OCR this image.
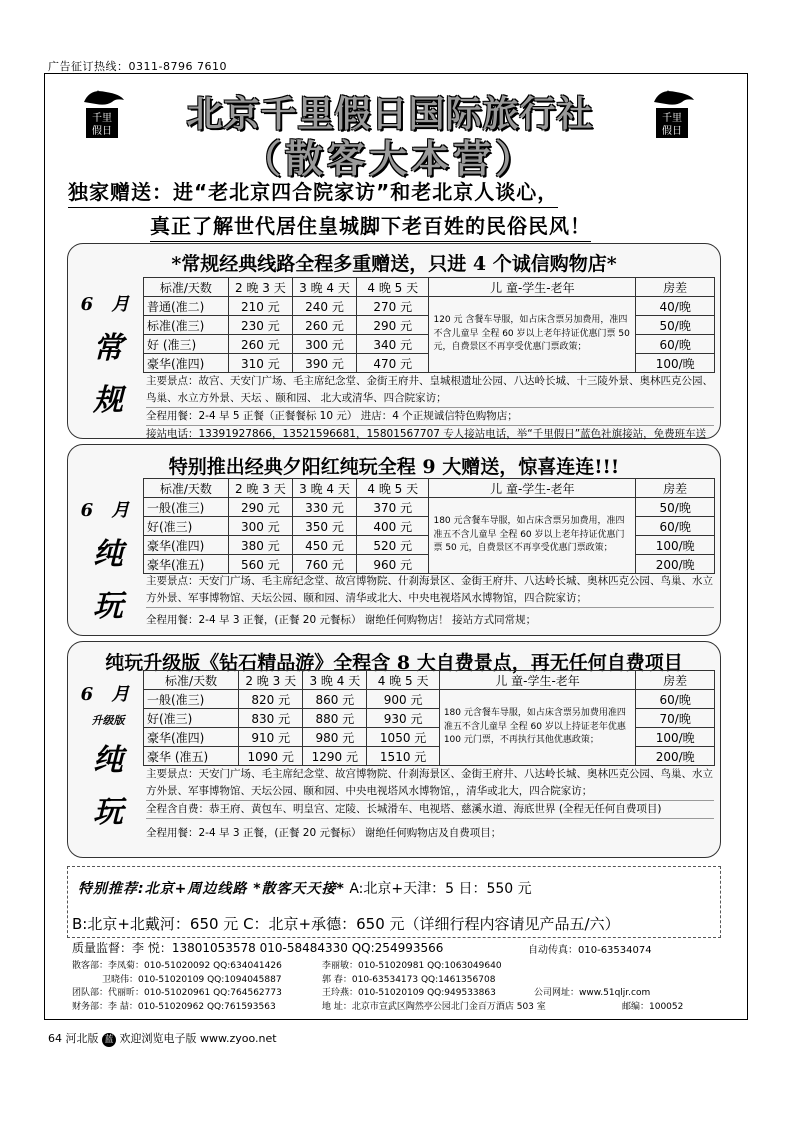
广告征订热线：0311-8796 7610
千里
假日
千里
假日
北京千里假日国际旅行社
（散客大本营）
独家赠送：进“老北京四合院家访”和老北京人谈心，
真正了解世代居住皇城脚下老百姓的民俗民风！
*常规经典线路全程多重赠送，只进 4 个诚信购物店*
6 月
常
规
标准/天数	2 晚 3 天	3 晚 4 天	4 晚 5 天	儿 童-学生-老年	房差
普通(准二)	210 元	240 元	270 元	120 元 含餐车导服，如占床含票另加费用，准四不含儿童早 全程 60 岁以上老年持证优惠门票 50 元，自费景区不再享受优惠门票政策；	40/晚
标准(准三)	230 元	260 元	290 元		50/晚
好 (准三)	260 元	300 元	340 元		60/晚
豪华(准四)	310 元	390 元	470 元		100/晚
主要景点：故宫、天安门广场、毛主席纪念堂、金街王府井、皇城根遗址公园、八达岭长城、十三陵外景、奥林匹克公园、鸟巢、水立方外景、天坛 、颐和园、 北大或清华、四合院家访；
全程用餐：2-4 早 5 正餐（正餐餐标 10 元） 进店：4 个正规诚信特色购物店；
接站电话：13391927866，13521596681，15801567707 专人接站电话，举“千里假日”蓝色社旗接站，免费班车送
特别推出经典夕阳红纯玩全程 9 大赠送，惊喜连连!!!
6 月
纯
玩
标准/天数	2 晚 3 天	3 晚 4 天	4 晚 5 天	儿 童-学生-老年	房差
一般(准三)	290 元	330 元	370 元	180 元含餐车导服，如占床含票另加费用，准四准五不含儿童早 全程 60 岁以上老年持证优惠门票 50 元，自费景区不再享受优惠门票政策；	50/晚
好(准三)	300 元	350 元	400 元		60/晚
豪华(准四)	380 元	450 元	520 元		100/晚
豪华(准五)	560 元	760 元	960 元		200/晚
主要景点：天安门广场、毛主席纪念堂、故宫博物院、什刹海景区、金街王府井、八达岭长城、奥林匹克公园、鸟巢、水立方外景、军事博物馆、天坛公园、颐和园、清华或北大、中央电视塔风水博物馆，四合院家访；
全程用餐：2-4 早 3 正餐，(正餐 20 元餐标） 谢绝任何购物店！ 接站方式同常规；
纯玩升级版《钻石精品游》全程含 8 大自费景点，再无任何自费项目
6 月
升级版
纯
玩
标准/天数	2 晚 3 天	3 晚 4 天	4 晚 5 天	儿 童-学生-老年	房差
一般(准三)	820 元	860 元	900 元	180 元含餐车导服，如占床含票另加费用准四准五不含儿童早 全程 60 岁以上持证老年优惠 100 元门票，不再执行其他优惠政策；	60/晚
好(准三)	830 元	880 元	930 元		70/晚
豪华(准四)	910 元	980 元	1050 元		100/晚
豪华 (准五)	1090 元	1290 元	1510 元		200/晚
主要景点：天安门广场、毛主席纪念堂、故宫博物院、什刹海景区、金街王府井、八达岭长城、奥林匹克公园、鸟巢、水立方外景、军事博物馆、天坛公园、颐和园、中央电视塔风水博物馆，，清华或北大，四合院家访；
全程含自费：恭王府、黄包车、明皇宫、定陵、长城滑车、电视塔、慈溪水道、海底世界 (全程无任何自费项目)
全程用餐：2-4 早 3 正餐，(正餐 20 元餐标） 谢绝任何购物店及自费项目；
特别推荐:北京+周边线路 *散客天天接* A:北京+天津：5 日：550 元
B:北京+北戴河：650 元 C：北京+承德：650 元（详细行程内容请见产品五/六）
质量监督：李 悦：13801053578 010-58484330 QQ:254993566	自动传真：010-63534074
散客部：李凤菊：010-51020092 QQ:634041426	李丽敏：010-51020981 QQ:1063049640
卫晓伟：010-51020109 QQ:1094045887	郭 春：010-63534173 QQ:1461356708
团队部：代丽昕：010-51020961 QQ:764562773	王玲燕：010-51020109 QQ:949533863	公司网址：www.51qljr.com
财务部：李 喆：010-51020962 QQ:761593563	地 址：北京市宣武区陶然亭公园北门金百万酒店 503 室	邮编：100052
64 河北版 蓝 欢迎浏览电子版 www.zyoo.net
